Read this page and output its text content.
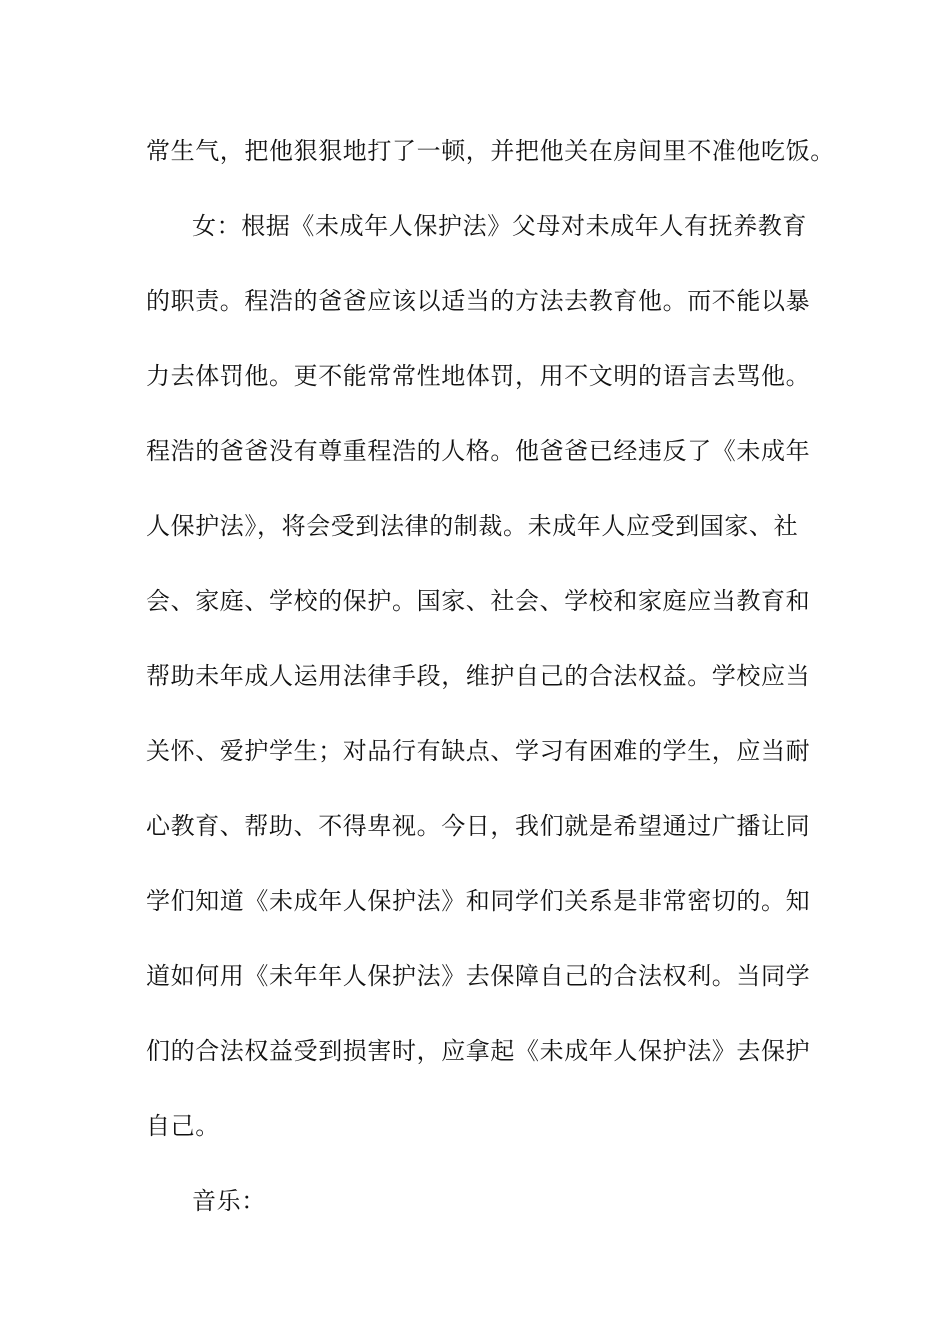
常生气，把他狠狠地打了一顿，并把他关在房间里不准他吃饭。
女：根据《未成年人保护法》父母对未成年人有抚养教育
的职责。程浩的爸爸应该以适当的方法去教育他。而不能以暴
力去体罚他。更不能常常性地体罚，用不文明的语言去骂他。
程浩的爸爸没有尊重程浩的人格。他爸爸已经违反了《未成年
人保护法》，将会受到法律的制裁。未成年人应受到国家、社
会、家庭、学校的保护。国家、社会、学校和家庭应当教育和
帮助未年成人运用法律手段，维护自己的合法权益。学校应当
关怀、爱护学生；对品行有缺点、学习有困难的学生，应当耐
心教育、帮助、不得卑视。今日，我们就是希望通过广播让同
学们知道《未成年人保护法》和同学们关系是非常密切的。知
道如何用《未年年人保护法》去保障自己的合法权利。当同学
们的合法权益受到损害时，应拿起《未成年人保护法》去保护
自己。
音乐：
